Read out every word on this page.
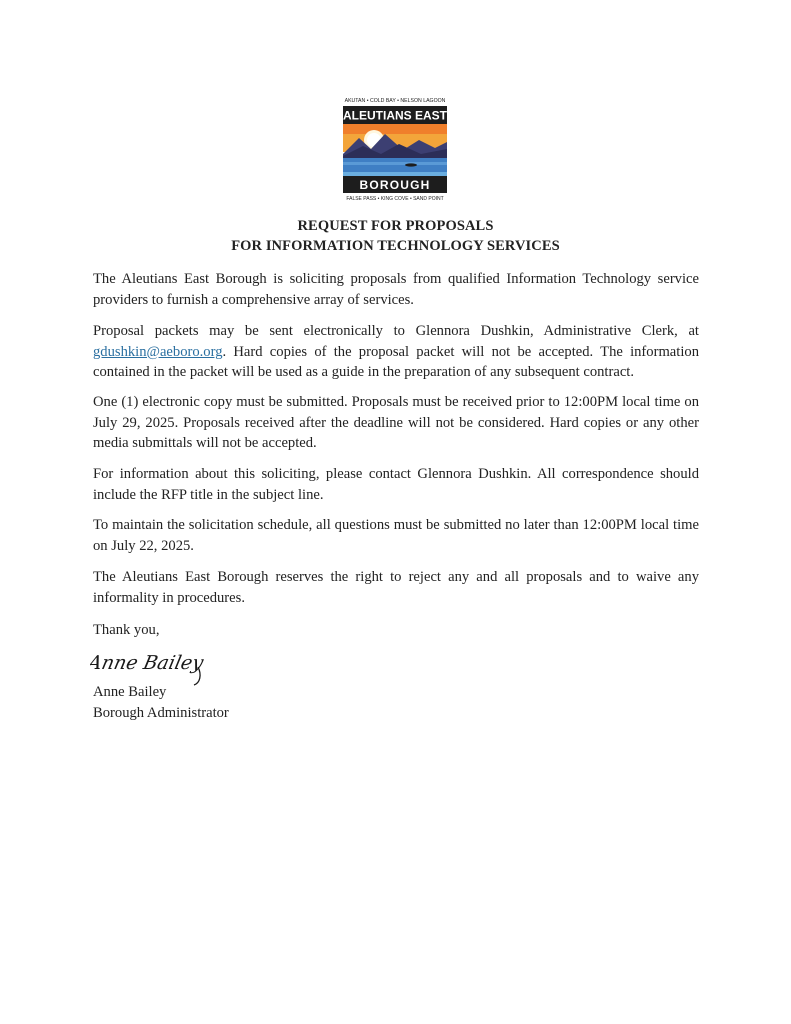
AKUTAN • COLD BAY • NELSON LAGOON
ALEUTIANS EAST
BOROUGH
FALSE PASS • KING COVE • SAND POINT
REQUEST FOR PROPOSALS
FOR INFORMATION TECHNOLOGY SERVICES

The Aleutians East Borough is soliciting proposals from qualified Information Technology service providers to furnish a comprehensive array of services.

Proposal packets may be sent electronically to Glennora Dushkin, Administrative Clerk, at gdushkin@aeboro.org. Hard copies of the proposal packet will not be accepted. The information contained in the packet will be used as a guide in the preparation of any subsequent contract.

One (1) electronic copy must be submitted. Proposals must be received prior to 12:00PM local time on July 29, 2025. Proposals received after the deadline will not be considered. Hard copies or any other media submittals will not be accepted.

For information about this soliciting, please contact Glennora Dushkin. All correspondence should include the RFP title in the subject line.

To maintain the solicitation schedule, all questions must be submitted no later than 12:00PM local time on July 22, 2025.

The Aleutians East Borough reserves the right to reject any and all proposals and to waive any informality in procedures.

Thank you,

Anne Bailey
Anne Bailey
Borough Administrator
